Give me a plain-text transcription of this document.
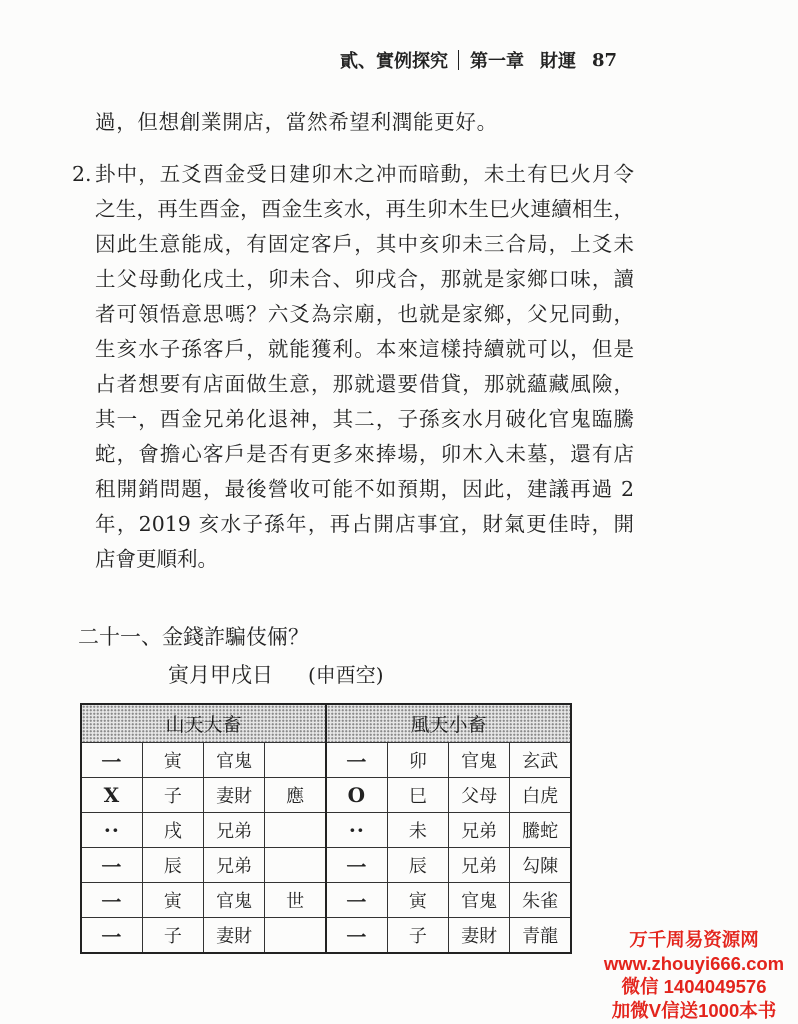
貳、實例探究 第一章 財運 87
過，但想創業開店，當然希望利潤能更好。
2. 卦中，五爻酉金受日建卯木之冲而暗動，未土有巳火月令
之生，再生酉金，酉金生亥水，再生卯木生巳火連續相生，
因此生意能成，有固定客戶，其中亥卯未三合局，上爻未
土父母動化戌土，卯未合、卯戌合，那就是家鄉口味，讀
者可領悟意思嗎？六爻為宗廟，也就是家鄉，父兄同動，
生亥水子孫客戶，就能獲利。本來這樣持續就可以，但是
占者想要有店面做生意，那就還要借貸，那就蘊藏風險，
其一，酉金兄弟化退神，其二，子孫亥水月破化官鬼臨騰
蛇，會擔心客戶是否有更多來捧場，卯木入未墓，還有店
租開銷問題，最後營收可能不如預期，因此，建議再過 2
年，2019 亥水子孫年，再占開店事宜，財氣更佳時，開
店會更順利。
二十一、金錢詐騙伎倆？
寅月甲戌日 (申酉空)
山天大畜				風天小畜			
一	寅	官鬼		一	卯	官鬼	玄武
X	子	妻財	應	O	巳	父母	白虎
··	戌	兄弟		··	未	兄弟	騰蛇
一	辰	兄弟		一	辰	兄弟	勾陳
一	寅	官鬼	世	一	寅	官鬼	朱雀
一	子	妻財		一	子	妻財	青龍	万千周易资源网
www.zhouyi666.com
微信 1404049576
加微V信送1000本书
